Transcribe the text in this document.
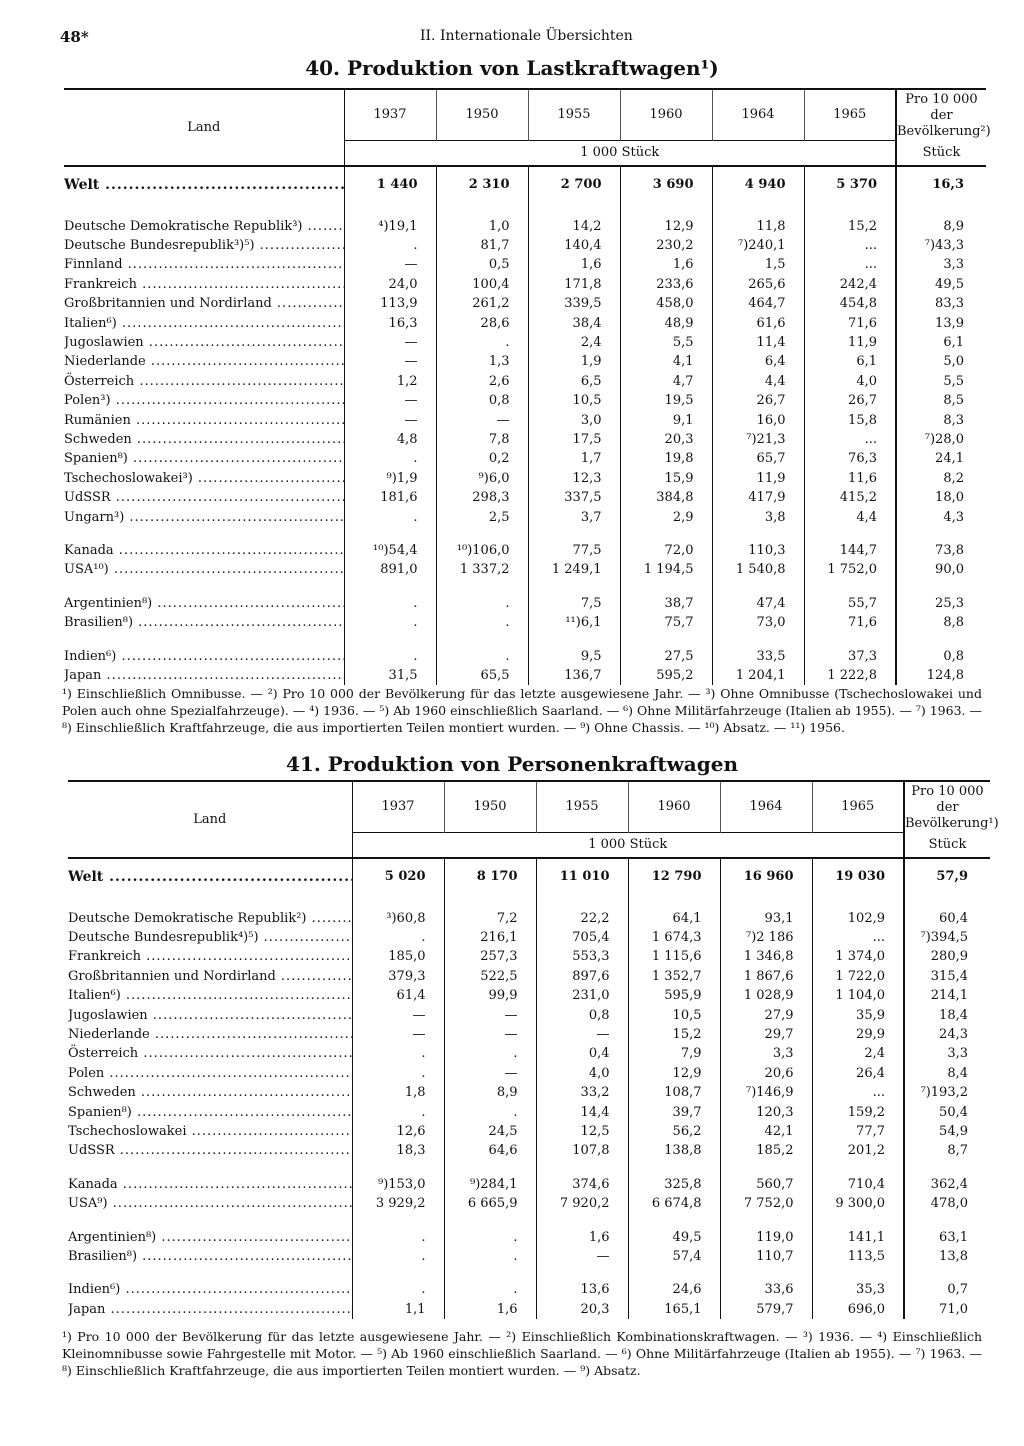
48*	II. Internationale Übersichten
40. Produktion von Lastkraftwagen¹)
Land	1937	1950	1955	1960	1964	1965	Pro 10 000 der Bevölkerung²)
	1 000 Stück						Stück
Welt .....	1 440	2 310	2 700	3 690	4 940	5 370	16,3

Deutsche Demokratische Republik³) .....	⁴)19,1	1,0	14,2	12,9	11,8	15,2	8,9
Deutsche Bundesrepublik³)⁵) .....	.	81,7	140,4	230,2	⁷)240,1	...	⁷)43,3
Finnland .....	—	0,5	1,6	1,6	1,5	...	3,3
Frankreich .....	24,0	100,4	171,8	233,6	265,6	242,4	49,5
Großbritannien und Nordirland .....	113,9	261,2	339,5	458,0	464,7	454,8	83,3
Italien⁶) .....	16,3	28,6	38,4	48,9	61,6	71,6	13,9
Jugoslawien .....	—	.	2,4	5,5	11,4	11,9	6,1
Niederlande .....	—	1,3	1,9	4,1	6,4	6,1	5,0
Österreich .....	1,2	2,6	6,5	4,7	4,4	4,0	5,5
Polen³) .....	—	0,8	10,5	19,5	26,7	26,7	8,5
Rumänien .....	—	—	3,0	9,1	16,0	15,8	8,3
Schweden .....	4,8	7,8	17,5	20,3	⁷)21,3	...	⁷)28,0
Spanien⁸) .....	.	0,2	1,7	19,8	65,7	76,3	24,1
Tschechoslowakei³) .....	⁹)1,9	⁹)6,0	12,3	15,9	11,9	11,6	8,2
UdSSR .....	181,6	298,3	337,5	384,8	417,9	415,2	18,0
Ungarn³) .....	.	2,5	3,7	2,9	3,8	4,4	4,3

Kanada .....	¹⁰)54,4	¹⁰)106,0	77,5	72,0	110,3	144,7	73,8
USA¹⁰) .....	891,0	1 337,2	1 249,1	1 194,5	1 540,8	1 752,0	90,0

Argentinien⁸) .....	.	.	7,5	38,7	47,4	55,7	25,3
Brasilien⁸) .....	.	.	¹¹)6,1	75,7	73,0	71,6	8,8

Indien⁶) .....	.	.	9,5	27,5	33,5	37,3	0,8
Japan .....	31,5	65,5	136,7	595,2	1 204,1	1 222,8	124,8
¹) Einschließlich Omnibusse. — ²) Pro 10 000 der Bevölkerung für das letzte ausgewiesene Jahr. — ³) Ohne Omnibusse (Tschechoslowakei und Polen auch ohne Spezialfahrzeuge). — ⁴) 1936. — ⁵) Ab 1960 einschließlich Saarland. — ⁶) Ohne Militärfahrzeuge (Italien ab 1955). — ⁷) 1963. — ⁸) Einschließlich Kraftfahrzeuge, die aus importierten Teilen montiert wurden. — ⁹) Ohne Chassis. — ¹⁰) Absatz. — ¹¹) 1956.
41. Produktion von Personenkraftwagen
Land	1937	1950	1955	1960	1964	1965	Pro 10 000 der Bevölkerung¹)
	1 000 Stück						Stück
Welt .....	5 020	8 170	11 010	12 790	16 960	19 030	57,9

Deutsche Demokratische Republik²) .....	³)60,8	7,2	22,2	64,1	93,1	102,9	60,4
Deutsche Bundesrepublik⁴)⁵) .....	.	216,1	705,4	1 674,3	⁷)2 186	...	⁷)394,5
Frankreich .....	185,0	257,3	553,3	1 115,6	1 346,8	1 374,0	280,9
Großbritannien und Nordirland .....	379,3	522,5	897,6	1 352,7	1 867,6	1 722,0	315,4
Italien⁶) .....	61,4	99,9	231,0	595,9	1 028,9	1 104,0	214,1
Jugoslawien .....	—	—	0,8	10,5	27,9	35,9	18,4
Niederlande .....	—	—	—	15,2	29,7	29,9	24,3
Österreich .....	.	.	0,4	7,9	3,3	2,4	3,3
Polen .....	.	—	4,0	12,9	20,6	26,4	8,4
Schweden .....	1,8	8,9	33,2	108,7	⁷)146,9	...	⁷)193,2
Spanien⁸) .....	.	.	14,4	39,7	120,3	159,2	50,4
Tschechoslowakei .....	12,6	24,5	12,5	56,2	42,1	77,7	54,9
UdSSR .....	18,3	64,6	107,8	138,8	185,2	201,2	8,7

Kanada .....	⁹)153,0	⁹)284,1	374,6	325,8	560,7	710,4	362,4
USA⁹) .....	3 929,2	6 665,9	7 920,2	6 674,8	7 752,0	9 300,0	478,0

Argentinien⁸) .....	.	.	1,6	49,5	119,0	141,1	63,1
Brasilien⁸) .....	.	.	—	57,4	110,7	113,5	13,8

Indien⁶) .....	.	.	13,6	24,6	33,6	35,3	0,7
Japan .....	1,1	1,6	20,3	165,1	579,7	696,0	71,0
¹) Pro 10 000 der Bevölkerung für das letzte ausgewiesene Jahr. — ²) Einschließlich Kombinationskraftwagen. — ³) 1936. — ⁴) Einschließlich Kleinomnibusse sowie Fahrgestelle mit Motor. — ⁵) Ab 1960 einschließlich Saarland. — ⁶) Ohne Militärfahrzeuge (Italien ab 1955). — ⁷) 1963. — ⁸) Einschließlich Kraftfahrzeuge, die aus importierten Teilen montiert wurden. — ⁹) Absatz.
